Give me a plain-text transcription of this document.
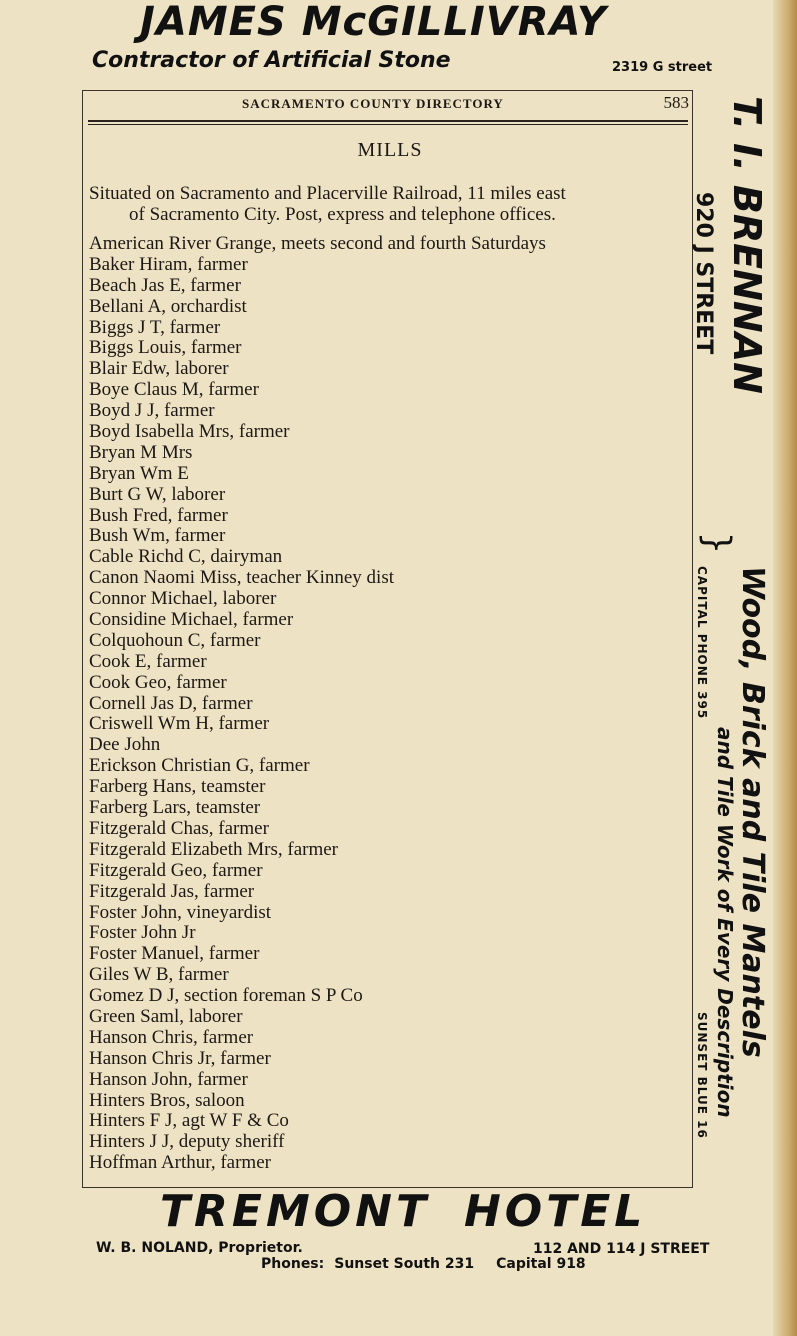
JAMES McGILLIVRAY
Contractor of Artificial Stone	2319 G street
SACRAMENTO COUNTY DIRECTORY	583
MILLS
Situated on Sacramento and Placerville Railroad, 11 miles east
of Sacramento City. Post, express and telephone offices.
American River Grange, meets second and fourth Saturdays
Baker Hiram, farmer
Beach Jas E, farmer
Bellani A, orchardist
Biggs J T, farmer
Biggs Louis, farmer
Blair Edw, laborer
Boye Claus M, farmer
Boyd J J, farmer
Boyd Isabella Mrs, farmer
Bryan M Mrs
Bryan Wm E
Burt G W, laborer
Bush Fred, farmer
Bush Wm, farmer
Cable Richd C, dairyman
Canon Naomi Miss, teacher Kinney dist
Connor Michael, laborer
Considine Michael, farmer
Colquohoun C, farmer
Cook E, farmer
Cook Geo, farmer
Cornell Jas D, farmer
Criswell Wm H, farmer
Dee John
Erickson Christian G, farmer
Farberg Hans, teamster
Farberg Lars, teamster
Fitzgerald Chas, farmer
Fitzgerald Elizabeth Mrs, farmer
Fitzgerald Geo, farmer
Fitzgerald Jas, farmer
Foster John, vineyardist
Foster John Jr
Foster Manuel, farmer
Giles W B, farmer
Gomez D J, section foreman S P Co
Green Saml, laborer
Hanson Chris, farmer
Hanson Chris Jr, farmer
Hanson John, farmer
Hinters Bros, saloon
Hinters F J, agt W F & Co
Hinters J J, deputy sheriff
Hoffman Arthur, farmer
T. I. BRENNAN
920 J STREET
}
CAPITAL PHONE 395 Wood, Brick and Tile Mantels
and Tile Work of Every Description
SUNSET BLUE 16
TREMONT HOTEL
W. B. NOLAND, Proprietor.	112 AND 114 J STREET
Phones: Sunset South 231 Capital 918
